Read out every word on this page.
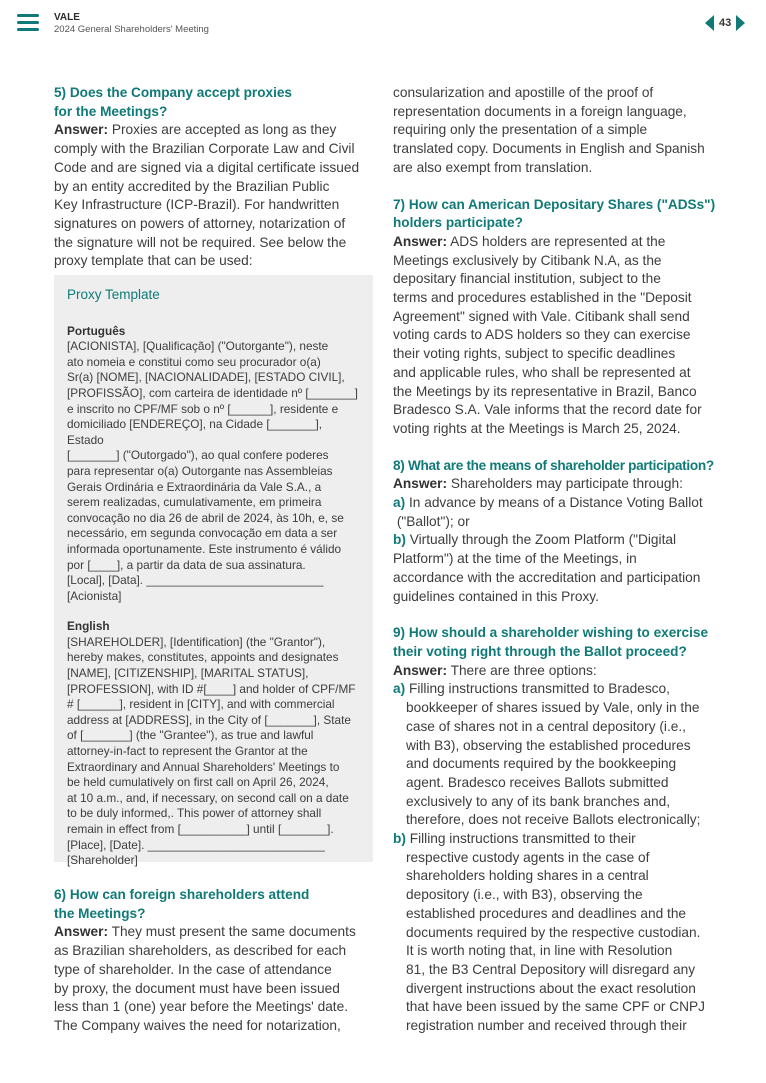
VALE
2024 General Shareholders' Meeting
43

5) Does the Company accept proxies
for the Meetings?

Answer: Proxies are accepted as long as they
comply with the Brazilian Corporate Law and Civil
Code and are signed via a digital certificate issued
by an entity accredited by the Brazilian Public
Key Infrastructure (ICP-Brazil). For handwritten
signatures on powers of attorney, notarization of
the signature will not be required. See below the
proxy template that can be used:

Proxy Template
Português
[ACIONISTA], [Qualificação] ("Outorgante"), neste
ato nomeia e constitui como seu procurador o(a)
Sr(a) [NOME], [NACIONALIDADE], [ESTADO CIVIL],
[PROFISSÃO], com carteira de identidade nº [_______]
e inscrito no CPF/MF sob o nº [______], residente e
domiciliado [ENDEREÇO], na Cidade [_______], Estado
[_______] ("Outorgado"), ao qual confere poderes
para representar o(a) Outorgante nas Assembleias
Gerais Ordinária e Extraordinária da Vale S.A., a
serem realizadas, cumulativamente, em primeira
convocação no dia 26 de abril de 2024, às 10h, e, se
necessário, em segunda convocação em data a ser
informada oportunamente. Este instrumento é válido
por [____], a partir da data de sua assinatura.
[Local], [Data]. ___________________________
[Acionista]
English
[SHAREHOLDER], [Identification] (the "Grantor"),
hereby makes, constitutes, appoints and designates
[NAME], [CITIZENSHIP], [MARITAL STATUS],
[PROFESSION], with ID #[____] and holder of CPF/MF
# [______], resident in [CITY], and with commercial
address at [ADDRESS], in the City of [_______], State
of [_______] (the "Grantee"), as true and lawful
attorney-in-fact to represent the Grantor at the
Extraordinary and Annual Shareholders' Meetings to
be held cumulatively on first call on April 26, 2024,
at 10 a.m., and, if necessary, on second call on a date
to be duly informed,. This power of attorney shall
remain in effect from [__________] until [_______].
[Place], [Date]. ___________________________
[Shareholder]

6) How can foreign shareholders attend
the Meetings?

Answer: They must present the same documents
as Brazilian shareholders, as described for each
type of shareholder. In the case of attendance
by proxy, the document must have been issued
less than 1 (one) year before the Meetings' date.
The Company waives the need for notarization,

consularization and apostille of the proof of
representation documents in a foreign language,
requiring only the presentation of a simple
translated copy. Documents in English and Spanish
are also exempt from translation.

7) How can American Depositary Shares ("ADSs")
holders participate?

Answer: ADS holders are represented at the
Meetings exclusively by Citibank N.A, as the
depositary financial institution, subject to the
terms and procedures established in the "Deposit
Agreement" signed with Vale. Citibank shall send
voting cards to ADS holders so they can exercise
their voting rights, subject to specific deadlines
and applicable rules, who shall be represented at
the Meetings by its representative in Brazil, Banco
Bradesco S.A. Vale informs that the record date for
voting rights at the Meetings is March 25, 2024.

8) What are the means of shareholder participation?

Answer: Shareholders may participate through:

a) In advance by means of a Distance Voting Ballot
("Ballot"); or

b) Virtually through the Zoom Platform ("Digital
Platform") at the time of the Meetings, in
accordance with the accreditation and participation
guidelines contained in this Proxy.

9) How should a shareholder wishing to exercise
their voting right through the Ballot proceed?

Answer: There are three options:

a) Filling instructions transmitted to Bradesco,
bookkeeper of shares issued by Vale, only in the
case of shares not in a central depository (i.e.,
with B3), observing the established procedures
and documents required by the bookkeeping
agent. Bradesco receives Ballots submitted
exclusively to any of its bank branches and,
therefore, does not receive Ballots electronically;

b) Filling instructions transmitted to their
respective custody agents in the case of
shareholders holding shares in a central
depository (i.e., with B3), observing the
established procedures and deadlines and the
documents required by the respective custodian.
It is worth noting that, in line with Resolution
81, the B3 Central Depository will disregard any
divergent instructions about the exact resolution
that have been issued by the same CPF or CNPJ
registration number and received through their
